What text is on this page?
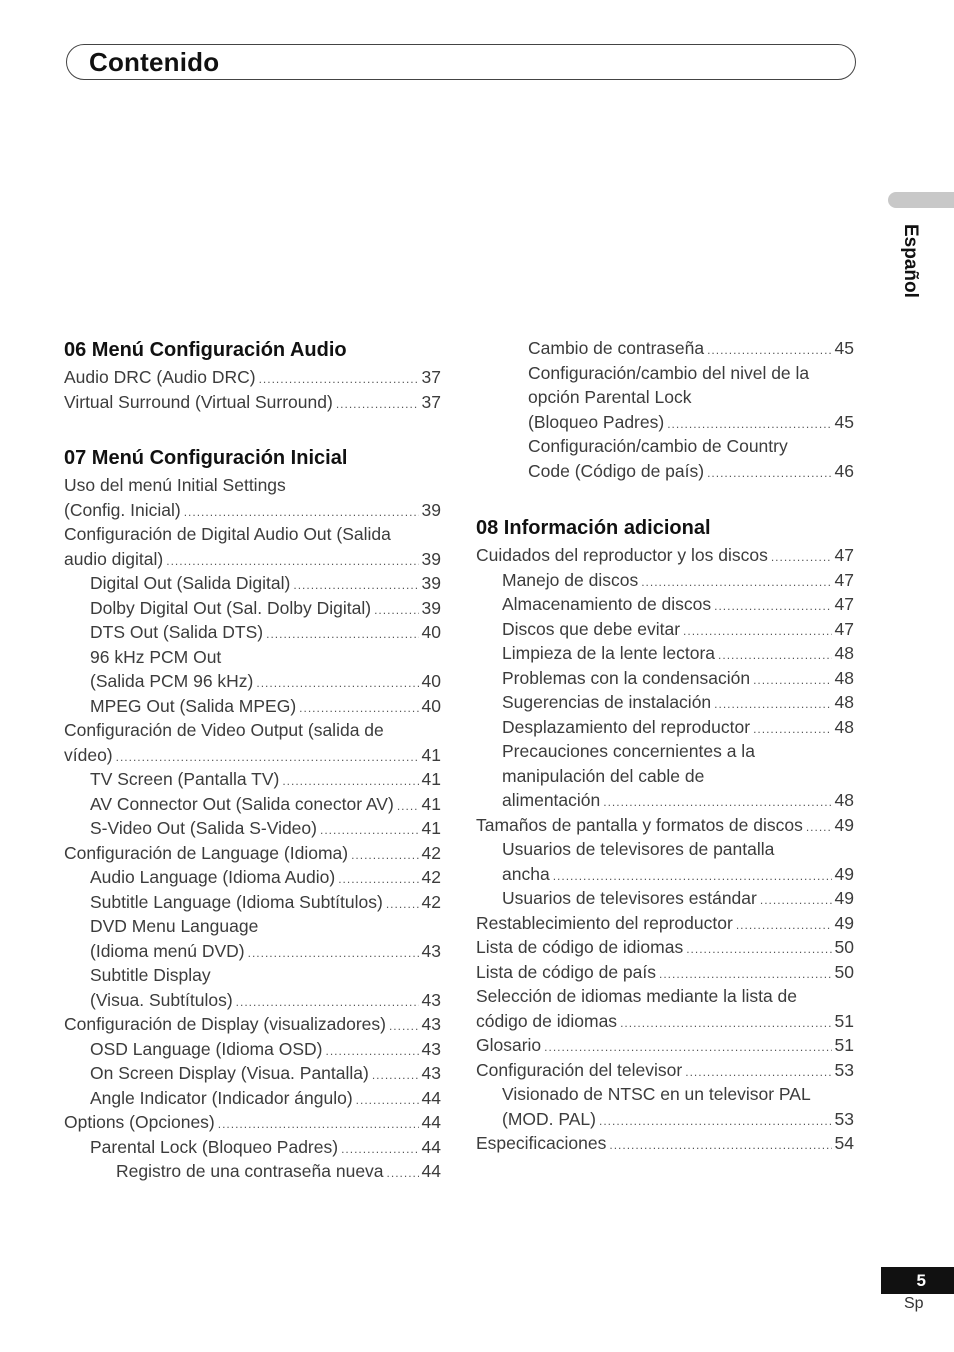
Contenido
Español
06 Menú Configuración Audio
Audio DRC (Audio DRC) .....	37
Virtual Surround (Virtual Surround) .....	37
07 Menú Configuración Inicial
Uso del menú Initial Settings
(Config. Inicial) .....	39
Configuración de Digital Audio Out (Salida
audio digital) .....	39
Digital Out (Salida Digital) .....	39
Dolby Digital Out (Sal. Dolby Digital) .....	39
DTS Out (Salida DTS) .....	40
96 kHz PCM Out
(Salida PCM 96 kHz) .....	40
MPEG Out (Salida MPEG) .....	40
Configuración de Video Output (salida de
vídeo) .....	41
TV Screen (Pantalla TV) .....	41
AV Connector Out (Salida conector AV) ..... 41
S-Video Out (Salida S-Video) .....	41
Configuración de Language (Idioma) .....	42
Audio Language (Idioma Audio) .....	42
Subtitle Language (Idioma Subtítulos) ..... 42
DVD Menu Language
(Idioma menú DVD) .....	43
Subtitle Display
(Visua. Subtítulos) .....	43
Configuración de Display (visualizadores) ..... 43
OSD Language (Idioma OSD) .....	43
On Screen Display (Visua. Pantalla) .....	43
Angle Indicator (Indicador ángulo) .....	44
Options (Opciones) .....	44
Parental Lock (Bloqueo Padres) .....	44
Registro de una contraseña nueva ..... 44
Cambio de contraseña .....	45
Configuración/cambio del nivel de la
opción Parental Lock
(Bloqueo Padres) .....	45
Configuración/cambio de Country
Code (Código de país) .....	46
08 Información adicional
Cuidados del reproductor y los discos .....	47
Manejo de discos .....	47
Almacenamiento de discos .....	47
Discos que debe evitar .....	47
Limpieza de la lente lectora .....	48
Problemas con la condensación .....	48
Sugerencias de instalación .....	48
Desplazamiento del reproductor .....	48
Precauciones concernientes a la
manipulación del cable de
alimentación .....	48
Tamaños de pantalla y formatos de discos ..... 49
Usuarios de televisores de pantalla
ancha .....	49
Usuarios de televisores estándar .....	49
Restablecimiento del reproductor .....	49
Lista de código de idiomas .....	50
Lista de código de país .....	50
Selección de idiomas mediante la lista de
código de idiomas .....	51
Glosario .....	51
Configuración del televisor .....	53
Visionado de NTSC en un televisor PAL
(MOD. PAL) .....	53
Especificaciones .....	54
5
Sp
